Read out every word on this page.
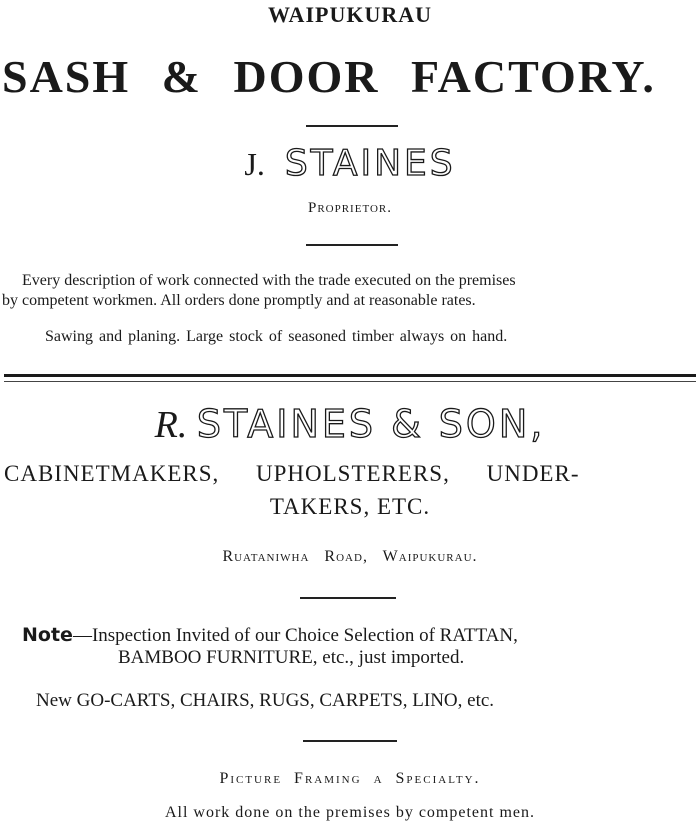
WAIPUKURAU
SASH & DOOR FACTORY.
J. STAINES
Proprietor.
Every description of work connected with the trade executed on the premises
by competent workmen. All orders done promptly and at reasonable rates.
Sawing and planing. Large stock of seasoned timber always on hand.
R. STAINES & SON,
CABINETMAKERS, UPHOLSTERERS, UNDER-
TAKERS, ETC.
Ruataniwha Road, Waipukurau.
Note—Inspection Invited of our Choice Selection of RATTAN,
BAMBOO FURNITURE, etc., just imported.
New GO-CARTS, CHAIRS, RUGS, CARPETS, LINO, etc.
Picture Framing a Specialty.
All work done on the premises by competent men.
